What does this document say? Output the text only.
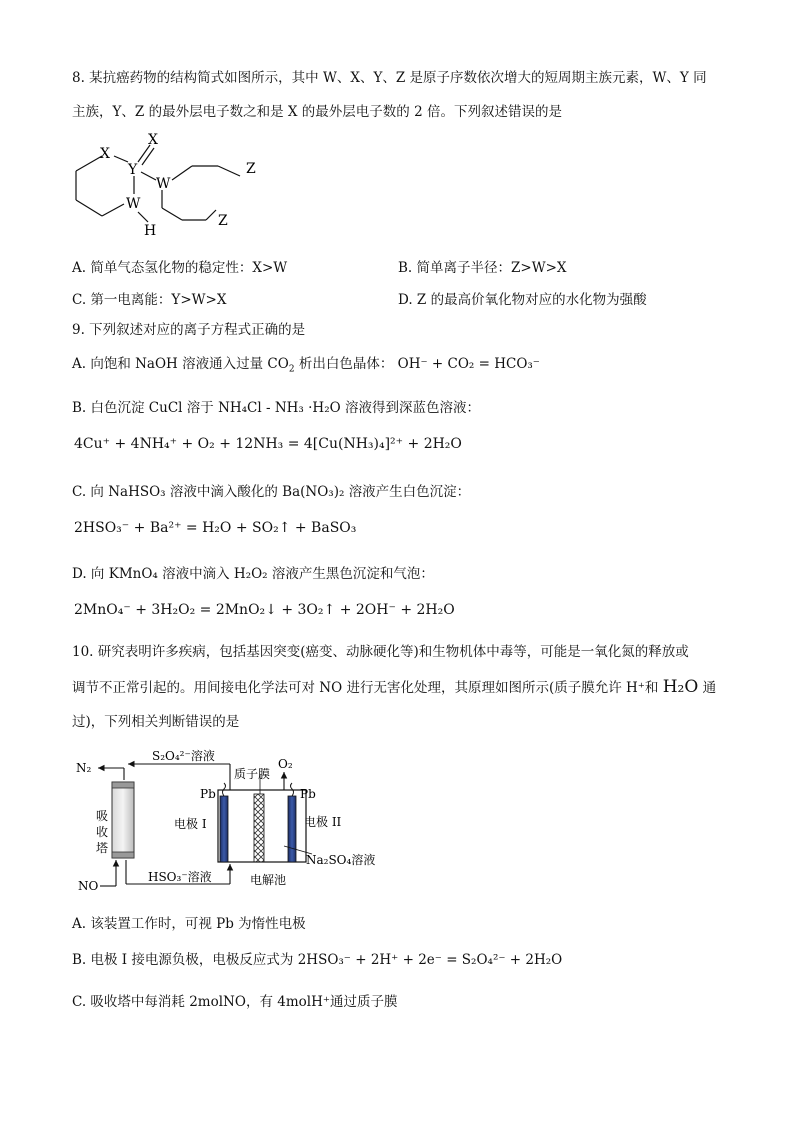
8. 某抗癌药物的结构简式如图所示，其中 W、X、Y、Z 是原子序数依次增大的短周期主族元素，W、Y 同
主族，Y、Z 的最外层电子数之和是 X 的最外层电子数的 2 倍。下列叙述错误的是
X
X
Y
W
W
H
Z
Z
A. 简单气态氢化物的稳定性：X>W	B. 简单离子半径：Z>W>X
C. 第一电离能：Y>W>X	D. Z 的最高价氧化物对应的水化物为强酸
9. 下列叙述对应的离子方程式正确的是
A. 向饱和 NaOH 溶液通入过量 $CO_2$ 析出白色晶体： OH⁻ + CO₂ = HCO₃⁻
B. 白色沉淀 CuCl 溶于 NH₄Cl - NH₃ ·H₂O 溶液得到深蓝色溶液：
4Cu⁺ + 4NH₄⁺ + O₂ + 12NH₃ = 4[Cu(NH₃)₄]²⁺ + 2H₂O
C. 向 NaHSO₃ 溶液中滴入酸化的 Ba(NO₃)₂ 溶液产生白色沉淀：
2HSO₃⁻ + Ba²⁺ = H₂O + SO₂↑ + BaSO₃
D. 向 KMnO₄ 溶液中滴入 H₂O₂ 溶液产生黑色沉淀和气泡：
2MnO₄⁻ + 3H₂O₂ = 2MnO₂↓ + 3O₂↑ + 2OH⁻ + 2H₂O
10. 研究表明许多疾病，包括基因突变(癌变、动脉硬化等)和生物机体中毒等，可能是一氧化氮的释放或
调节不正常引起的。用间接电化学法可对 NO 进行无害化处理，其原理如图所示(质子膜允许 H⁺和 H₂O 通
过)，下列相关判断错误的是
N₂
S₂O₄²⁻溶液
O₂
质子膜
Pb	Pb
吸
收
塔
电极 I	电极 II
Na₂SO₄溶液
HSO₃⁻溶液	电解池
NO
A. 该装置工作时，可视 Pb 为惰性电极
B. 电极 I 接电源负极，电极反应式为 2HSO₃⁻ + 2H⁺ + 2e⁻ = S₂O₄²⁻ + 2H₂O
C. 吸收塔中每消耗 2molNO，有 4molH⁺通过质子膜
